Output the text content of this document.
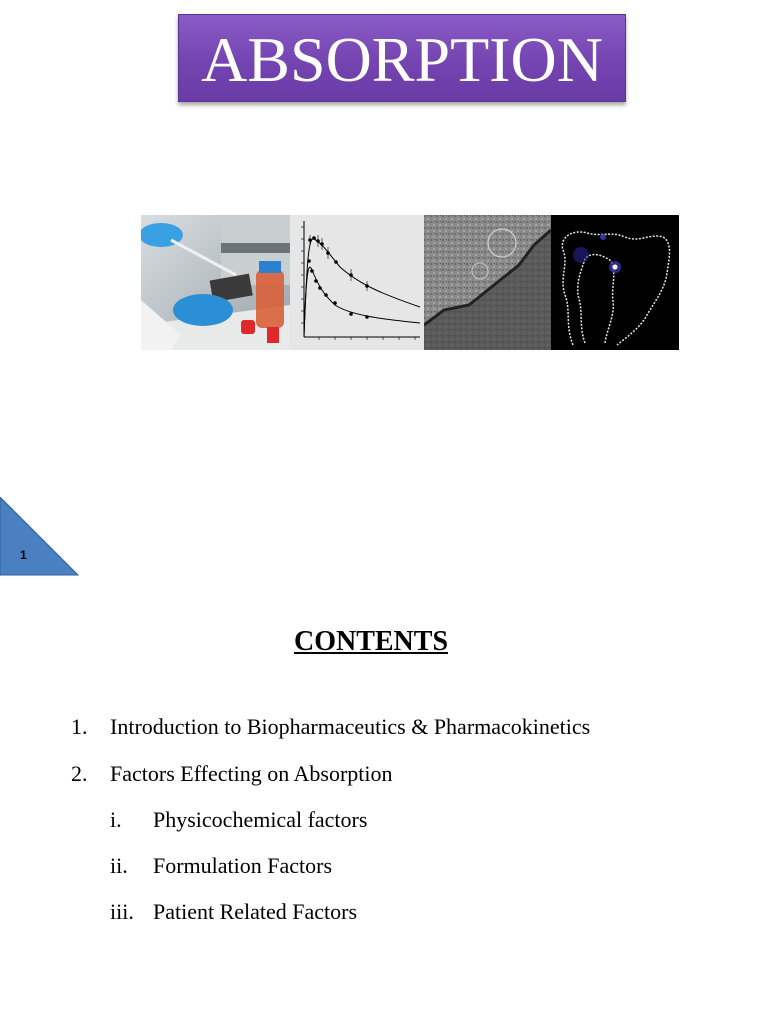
ABSORPTION
1
CONTENTS
1. Introduction to Biopharmaceutics & Pharmacokinetics
2. Factors Effecting on Absorption
i. Physicochemical factors
ii. Formulation Factors
iii. Patient Related Factors
